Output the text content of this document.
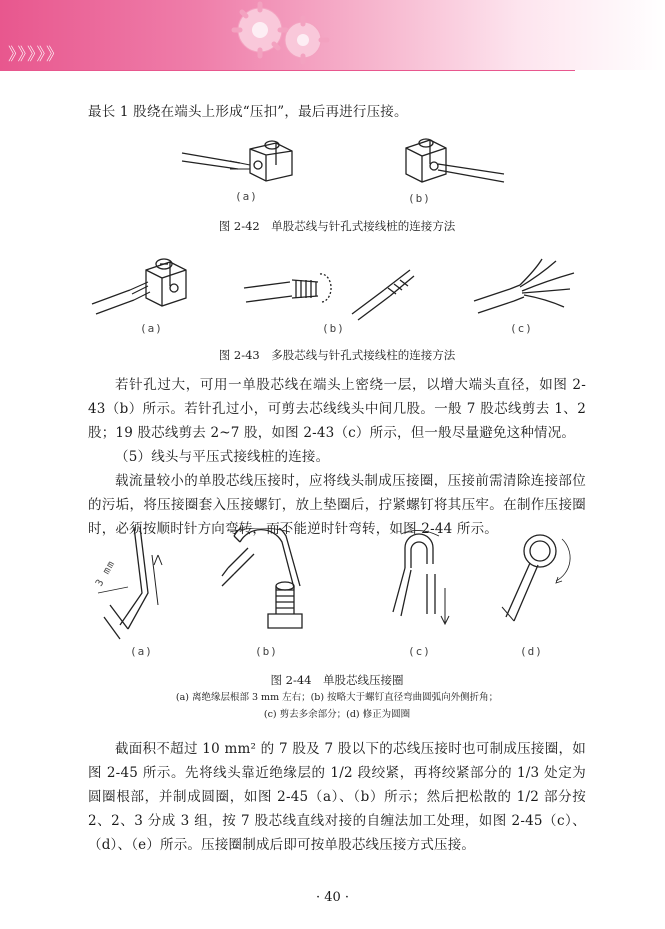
》》》》》

最长 1 股绕在端头上形成“压扣”，最后再进行压接。

(a)	(b)
图 2-42　单股芯线与针孔式接线桩的连接方法
(a)	(b)	(c)
图 2-43　多股芯线与针孔式接线柱的连接方法

若针孔过大，可用一单股芯线在端头上密绕一层，以增大端头直径，如图 2-43（b）所示。若针孔过小，可剪去芯线线头中间几股。一般 7 股芯线剪去 1、2 股；19 股芯线剪去 2~7 股，如图 2-43（c）所示，但一般尽量避免这种情况。

（5）线头与平压式接线桩的连接。

载流量较小的单股芯线压接时，应将线头制成压接圈，压接前需清除连接部位的污垢，将压接圈套入压接螺钉，放上垫圈后，拧紧螺钉将其压牢。在制作压接圈时，必须按顺时针方向弯转，而不能逆时针弯转，如图 2-44 所示。

3 mm
(a)	(b)	(c)	(d)
图 2-44　单股芯线压接圈
(a) 离绝缘层根部 3 mm 左右；(b) 按略大于螺钉直径弯曲圆弧向外侧折角；
(c) 剪去多余部分；(d) 修正为圆圈

截面积不超过 10 mm² 的 7 股及 7 股以下的芯线压接时也可制成压接圈，如图 2-45 所示。先将线头靠近绝缘层的 1/2 段绞紧，再将绞紧部分的 1/3 处定为圆圈根部，并制成圆圈，如图 2-45（a）、（b）所示；然后把松散的 1/2 部分按 2、2、3 分成 3 组，按 7 股芯线直线对接的自缠法加工处理，如图 2-45（c）、（d）、（e）所示。压接圈制成后即可按单股芯线压接方式压接。

· 40 ·
